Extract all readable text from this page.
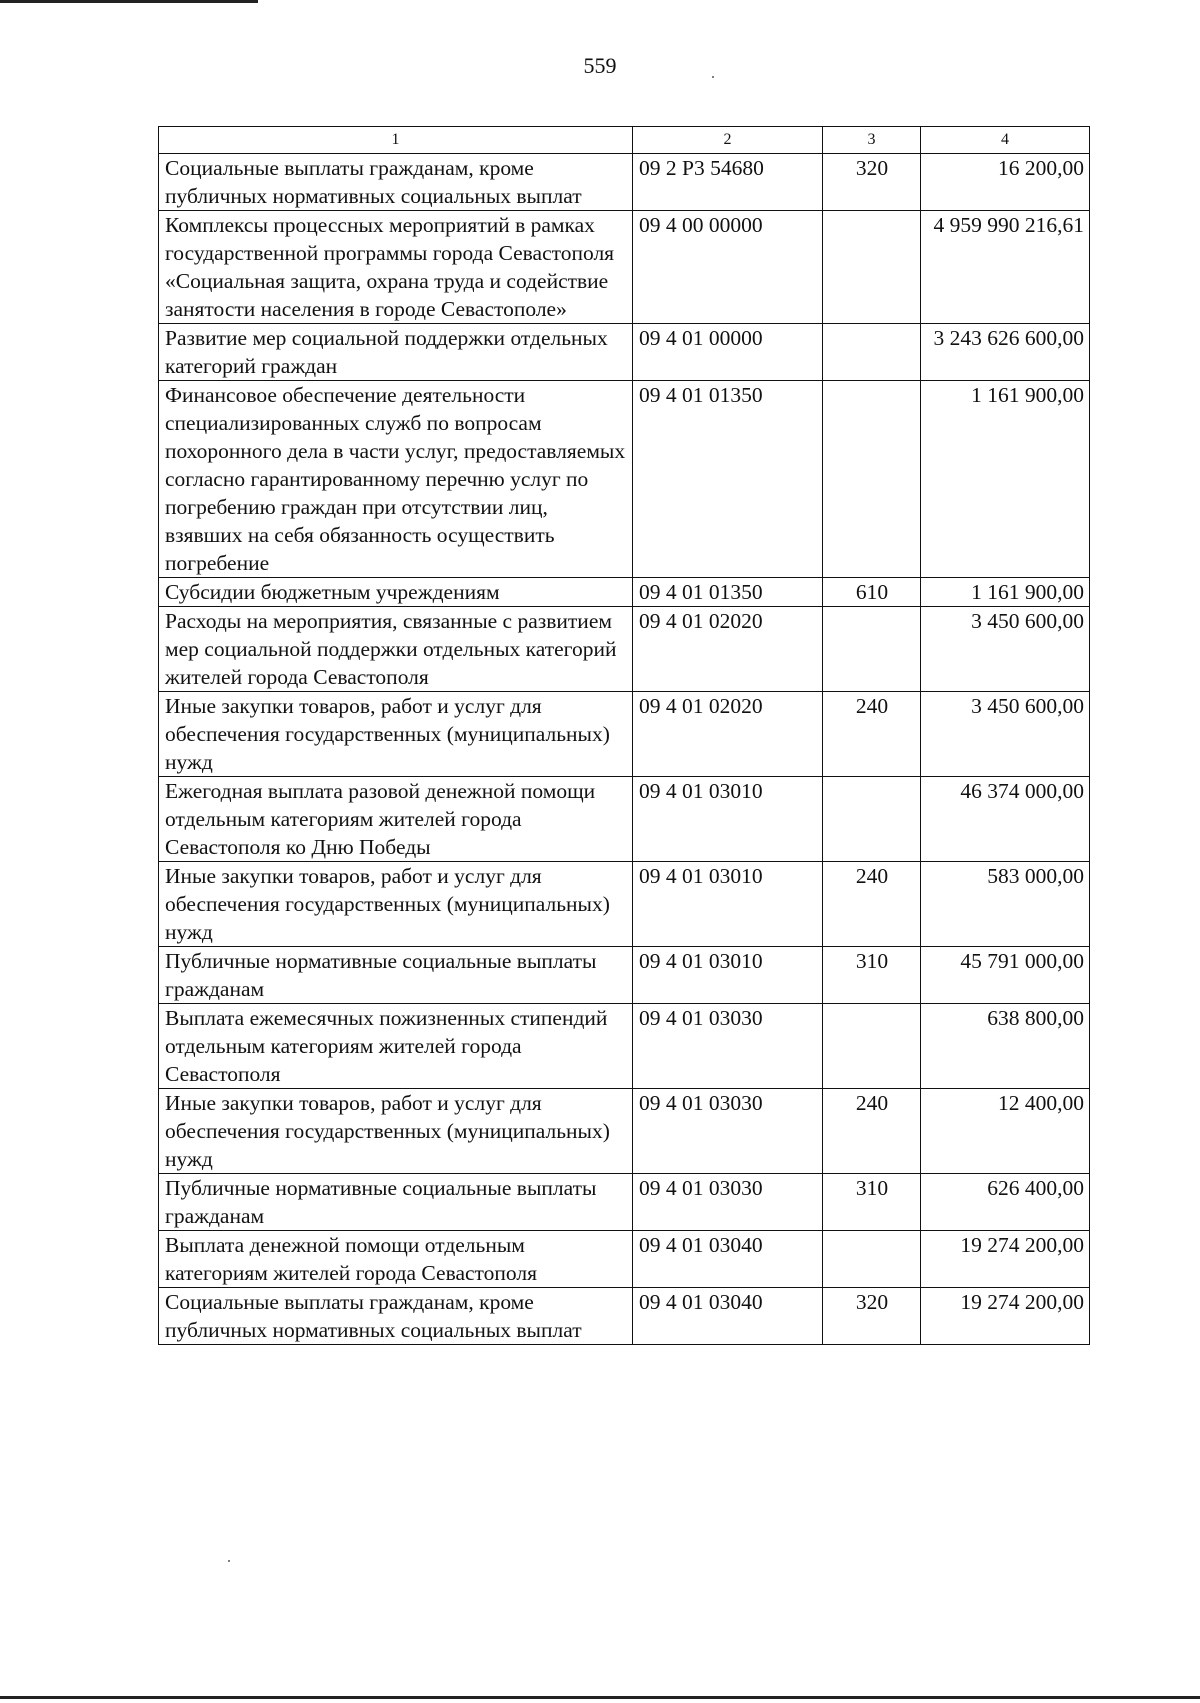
559
1	2	3	4
Социальные выплаты гражданам, кроме публичных нормативных социальных выплат	09 2 Р3 54680	320	16 200,00
Комплексы процессных мероприятий в рамках государственной программы города Севастополя «Социальная защита, охрана труда и содействие занятости населения в городе Севастополе»	09 4 00 00000		4 959 990 216,61
Развитие мер социальной поддержки отдельных категорий граждан	09 4 01 00000		3 243 626 600,00
Финансовое обеспечение деятельности специализированных служб по вопросам похоронного дела в части услуг, предоставляемых согласно гарантированному перечню услуг по погребению граждан при отсутствии лиц, взявших на себя обязанность осуществить погребение	09 4 01 01350		1 161 900,00
Субсидии бюджетным учреждениям	09 4 01 01350	610	1 161 900,00
Расходы на мероприятия, связанные с развитием мер социальной поддержки отдельных категорий жителей города Севастополя	09 4 01 02020		3 450 600,00
Иные закупки товаров, работ и услуг для обеспечения государственных (муниципальных) нужд	09 4 01 02020	240	3 450 600,00
Ежегодная выплата разовой денежной помощи отдельным категориям жителей города Севастополя ко Дню Победы	09 4 01 03010		46 374 000,00
Иные закупки товаров, работ и услуг для обеспечения государственных (муниципальных) нужд	09 4 01 03010	240	583 000,00
Публичные нормативные социальные выплаты гражданам	09 4 01 03010	310	45 791 000,00
Выплата ежемесячных пожизненных стипендий отдельным категориям жителей города Севастополя	09 4 01 03030		638 800,00
Иные закупки товаров, работ и услуг для обеспечения государственных (муниципальных) нужд	09 4 01 03030	240	12 400,00
Публичные нормативные социальные выплаты гражданам	09 4 01 03030	310	626 400,00
Выплата денежной помощи отдельным категориям жителей города Севастополя	09 4 01 03040		19 274 200,00
Социальные выплаты гражданам, кроме публичных нормативных социальных выплат	09 4 01 03040	320	19 274 200,00
